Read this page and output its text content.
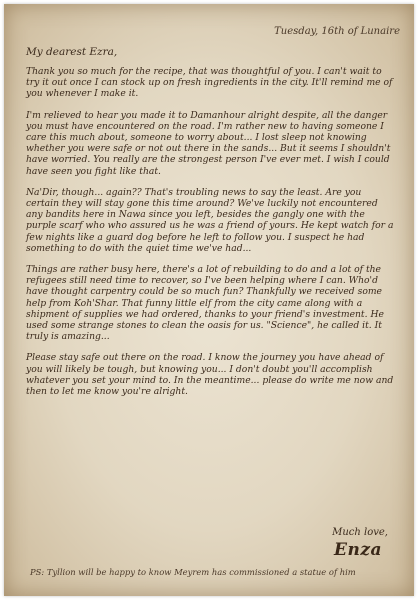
Tuesday, 16th of Lunaire
My dearest Ezra,

Thank you so much for the recipe, that was thoughtful of you. I can't wait to try it out once I can stock up on fresh ingredients in the city. It'll remind me of you whenever I make it.

I'm relieved to hear you made it to Damanhour alright despite, all the danger you must have encountered on the road. I'm rather new to having someone I care this much about, someone to worry about... I lost sleep not knowing whether you were safe or not out there in the sands... But it seems I shouldn't have worried. You really are the strongest person I've ever met. I wish I could have seen you fight like that.

Na'Dir, though... again?? That's troubling news to say the least. Are you certain they will stay gone this time around? We've luckily not encountered any bandits here in Nawa since you left, besides the gangly one with the purple scarf who who assured us he was a friend of yours. He kept watch for a few nights like a guard dog before he left to follow you. I suspect he had something to do with the quiet time we've had...

Things are rather busy here, there's a lot of rebuilding to do and a lot of the refugees still need time to recover, so I've been helping where I can. Who'd have thought carpentry could be so much fun? Thankfully we received some help from Koh'Shar. That funny little elf from the city came along with a shipment of supplies we had ordered, thanks to your friend's investment. He used some strange stones to clean the oasis for us. "Science", he called it. It truly is amazing...

Please stay safe out there on the road. I know the journey you have ahead of you will likely be tough, but knowing you... I don't doubt you'll accomplish whatever you set your mind to. In the meantime... please do write me now and then to let me know you're alright.

Much love,
Enza
PS: Tyllion will be happy to know Meyrem has commissioned a statue of him
